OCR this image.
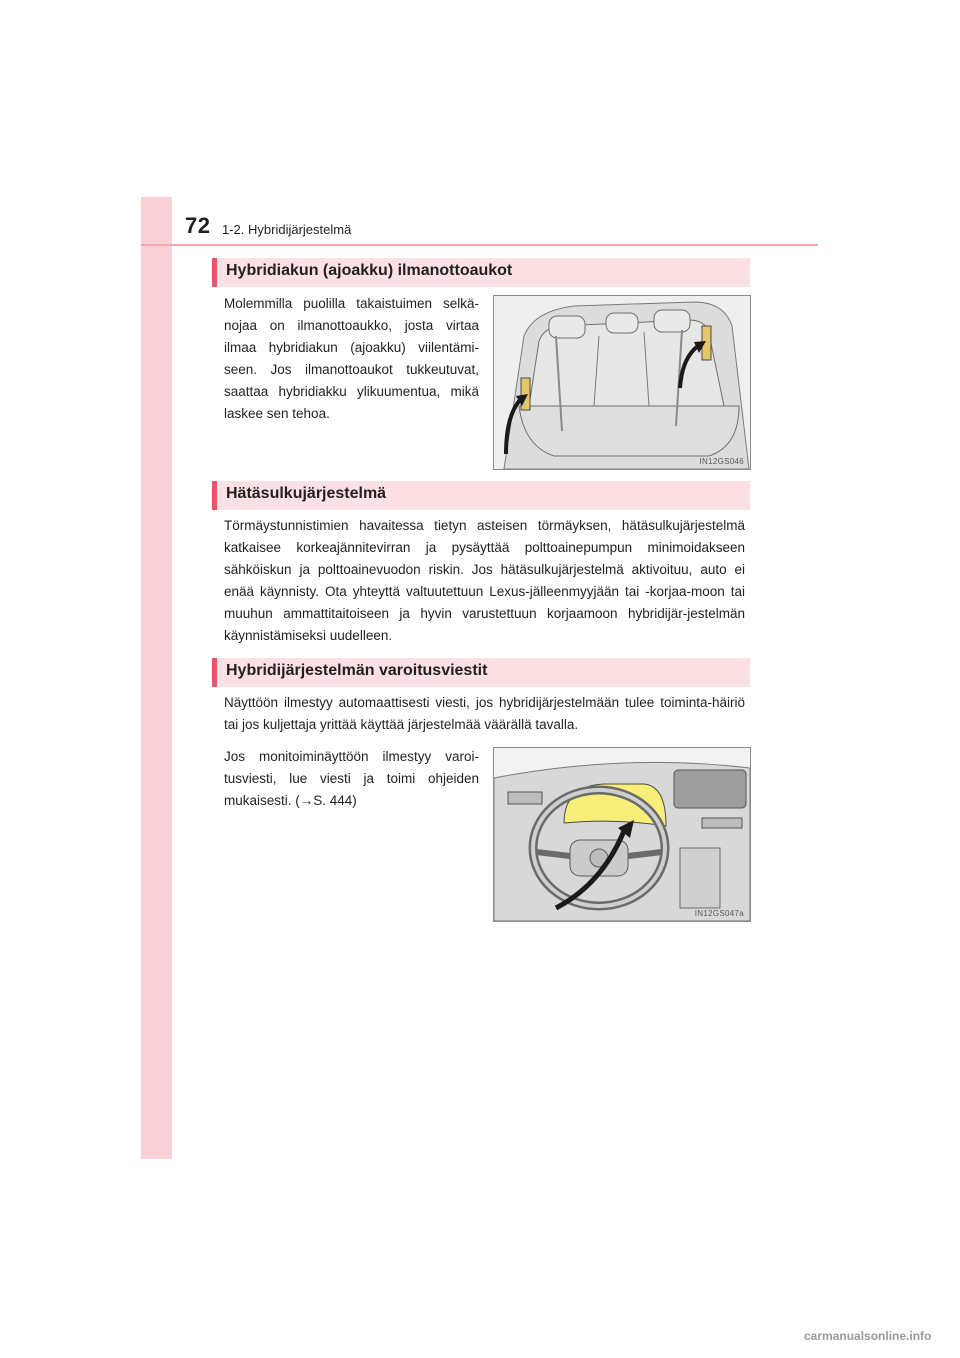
72 1-2. Hybridijärjestelmä
Hybridiakun (ajoakku) ilmanottoaukot

Molemmilla puolilla takaistuimen selkä-nojaa on ilmanottoaukko, josta virtaa ilmaa hybridiakun (ajoakku) viilentämi-seen. Jos ilmanottoaukot tukkeutuvat, saattaa hybridiakku ylikuumentua, mikä laskee sen tehoa.

IN12GS046
Hätäsulkujärjestelmä

Törmäystunnistimien havaitessa tietyn asteisen törmäyksen, hätäsulkujärjestelmä katkaisee korkeajännitevirran ja pysäyttää polttoainepumpun minimoidakseen sähköiskun ja polttoainevuodon riskin. Jos hätäsulkujärjestelmä aktivoituu, auto ei enää käynnisty. Ota yhteyttä valtuutettuun Lexus-jälleenmyyjään tai -korjaa-moon tai muuhun ammattitaitoiseen ja hyvin varustettuun korjaamoon hybridijär-jestelmän käynnistämiseksi uudelleen.

Hybridijärjestelmän varoitusviestit

Näyttöön ilmestyy automaattisesti viesti, jos hybridijärjestelmään tulee toiminta-häiriö tai jos kuljettaja yrittää käyttää järjestelmää väärällä tavalla.

Jos monitoiminäyttöön ilmestyy varoi-tusviesti, lue viesti ja toimi ohjeiden mukaisesti. (→S. 444)

IN12GS047a
carmanualsonline.info
